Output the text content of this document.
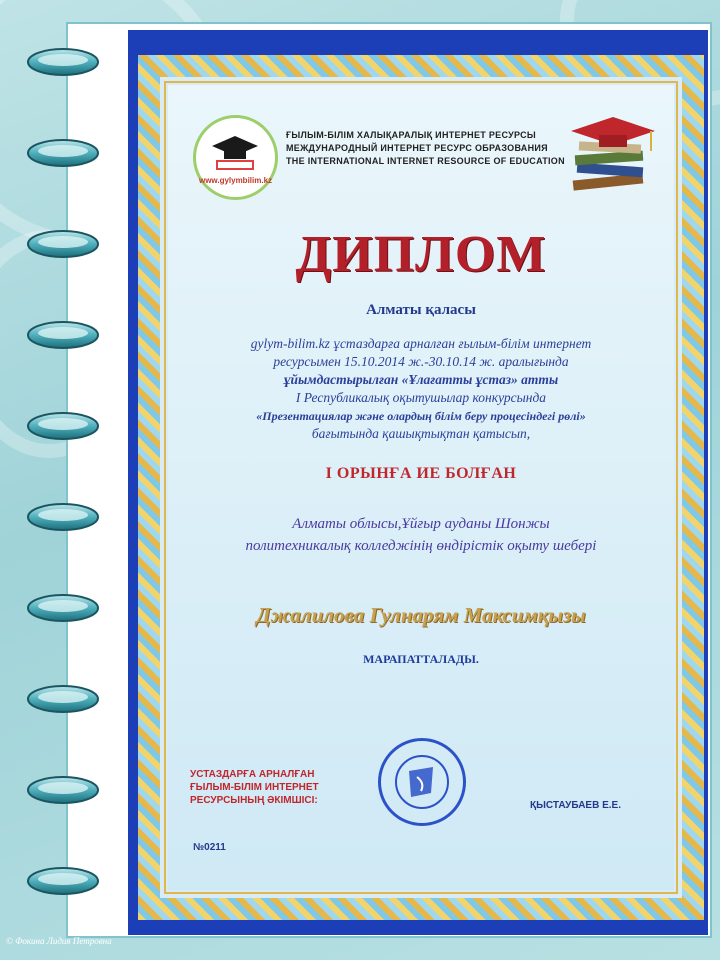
www.gylymbilim.kz
ҒЫЛЫМ-БІЛІМ ХАЛЫҚАРАЛЫҚ ИНТЕРНЕТ РЕСУРСЫ
МЕЖДУНАРОДНЫЙ ИНТЕРНЕТ РЕСУРС ОБРАЗОВАНИЯ
THE INTERNATIONAL INTERNET RESOURCE OF EDUCATION
ДИПЛОМ
Алматы қаласы
gylym-bilim.kz ұстаздарға арналған ғылым-білім интернет
ресурсымен 15.10.2014 ж.-30.10.14 ж. аралығында
ұйымдастырылған «Ұлағатты ұстаз» атты
I Республикалық оқытушылар конкурсында
«Презентациялар және олардың білім беру процесіндегі рөлі»
бағытында қашықтықтан қатысып,
I ОРЫНҒА ИЕ БОЛҒАН
Алматы облысы,Ұйғыр ауданы Шонжы
политехникалық колледжінің өндірістік оқыту шебері
Джалилова Гулнарям Максимқызы
МАРАПАТТАЛАДЫ.
УСТАЗДАРҒА АРНАЛҒАН
ҒЫЛЫМ-БІЛІМ ИНТЕРНЕТ
РЕСУРСЫНЫҢ ӘКІМШІСІ:	ҚЫСТАУБАЕВ Е.Е.
№0211
© Фокина Лидия Петровна
